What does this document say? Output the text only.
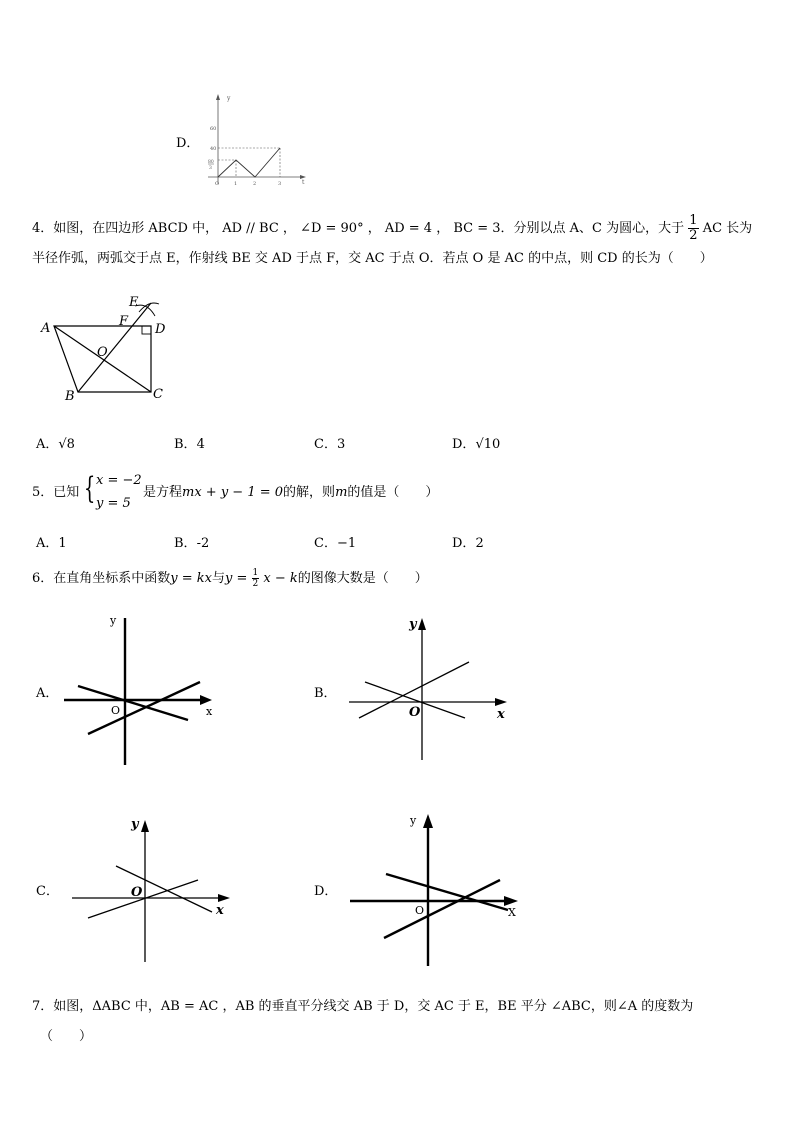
D．
y
t
60
40
80
3
O	1	2	3
4．如图，在四边形 ABCD 中， AD // BC ， ∠D = 90° ， AD = 4 ， BC = 3．分别以点 A、C 为圆心，大于 $\frac{1}{2}$ AC 长为
半径作弧，两弧交于点 E，作射线 BE 交 AD 于点 F，交 AC 于点 O．若点 O 是 AC 的中点，则 CD 的长为（　　）
A	D
B	C
E
F
O
A．√8	B．4	C．3	D．√10
5．已知 { x = −2
y = 5
是方程mx + y − 1 = 0的解，则m的值是（　　）
A．1	B．-2	C．−1	D．2
6．在直角坐标系中函数y = kx与$y = \frac{1}{2}$ x − k的图像大数是（　　）
A．
y
x
O
B．
y
x
O
C．
y
x
O	D．
y
X
O
7．如图，ΔABC 中，AB = AC ，AB 的垂直平分线交 AB 于 D，交 AC 于 E，BE 平分 ∠ABC，则∠A 的度数为
（　　）
